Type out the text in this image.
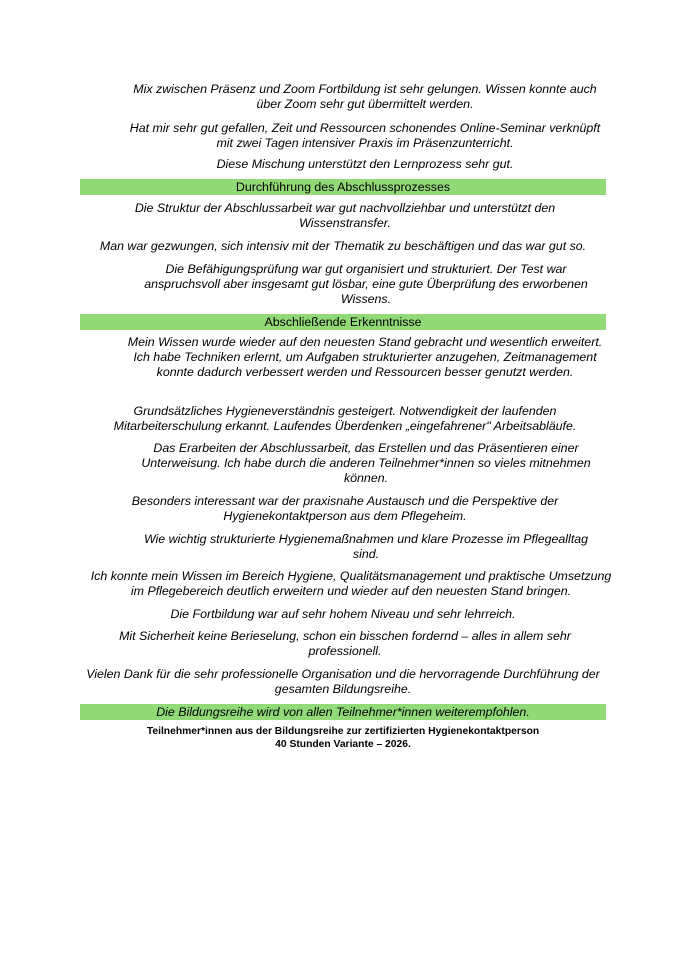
Mix zwischen Präsenz und Zoom Fortbildung ist sehr gelungen. Wissen konnte auch über Zoom sehr gut übermittelt werden.

Hat mir sehr gut gefallen, Zeit und Ressourcen schonendes Online-Seminar verknüpft mit zwei Tagen intensiver Praxis im Präsenzunterricht.

Diese Mischung unterstützt den Lernprozess sehr gut.

Durchführung des Abschlussprozesses

Die Struktur der Abschlussarbeit war gut nachvollziehbar und unterstützt den Wissenstransfer.

Man war gezwungen, sich intensiv mit der Thematik zu beschäftigen und das war gut so.

Die Befähigungsprüfung war gut organisiert und strukturiert. Der Test war anspruchsvoll aber insgesamt gut lösbar, eine gute Überprüfung des erworbenen Wissens.

Abschließende Erkenntnisse

Mein Wissen wurde wieder auf den neuesten Stand gebracht und wesentlich erweitert. Ich habe Techniken erlernt, um Aufgaben strukturierter anzugehen, Zeitmanagement konnte dadurch verbessert werden und Ressourcen besser genutzt werden.

Grundsätzliches Hygieneverständnis gesteigert. Notwendigkeit der laufenden Mitarbeiterschulung erkannt. Laufendes Überdenken „eingefahrener" Arbeitsabläufe.

Das Erarbeiten der Abschlussarbeit, das Erstellen und das Präsentieren einer Unterweisung. Ich habe durch die anderen Teilnehmer*innen so vieles mitnehmen können.

Besonders interessant war der praxisnahe Austausch und die Perspektive der Hygienekontaktperson aus dem Pflegeheim.

Wie wichtig strukturierte Hygienemaßnahmen und klare Prozesse im Pflegealltag sind.

Ich konnte mein Wissen im Bereich Hygiene, Qualitätsmanagement und praktische Umsetzung im Pflegebereich deutlich erweitern und wieder auf den neuesten Stand bringen.

Die Fortbildung war auf sehr hohem Niveau und sehr lehrreich.

Mit Sicherheit keine Berieselung, schon ein bisschen fordernd – alles in allem sehr professionell.

Vielen Dank für die sehr professionelle Organisation und die hervorragende Durchführung der gesamten Bildungsreihe.

Die Bildungsreihe wird von allen Teilnehmer*innen weiterempfohlen.

Teilnehmer*innen aus der Bildungsreihe zur zertifizierten Hygienekontaktperson

40 Stunden Variante – 2026.
